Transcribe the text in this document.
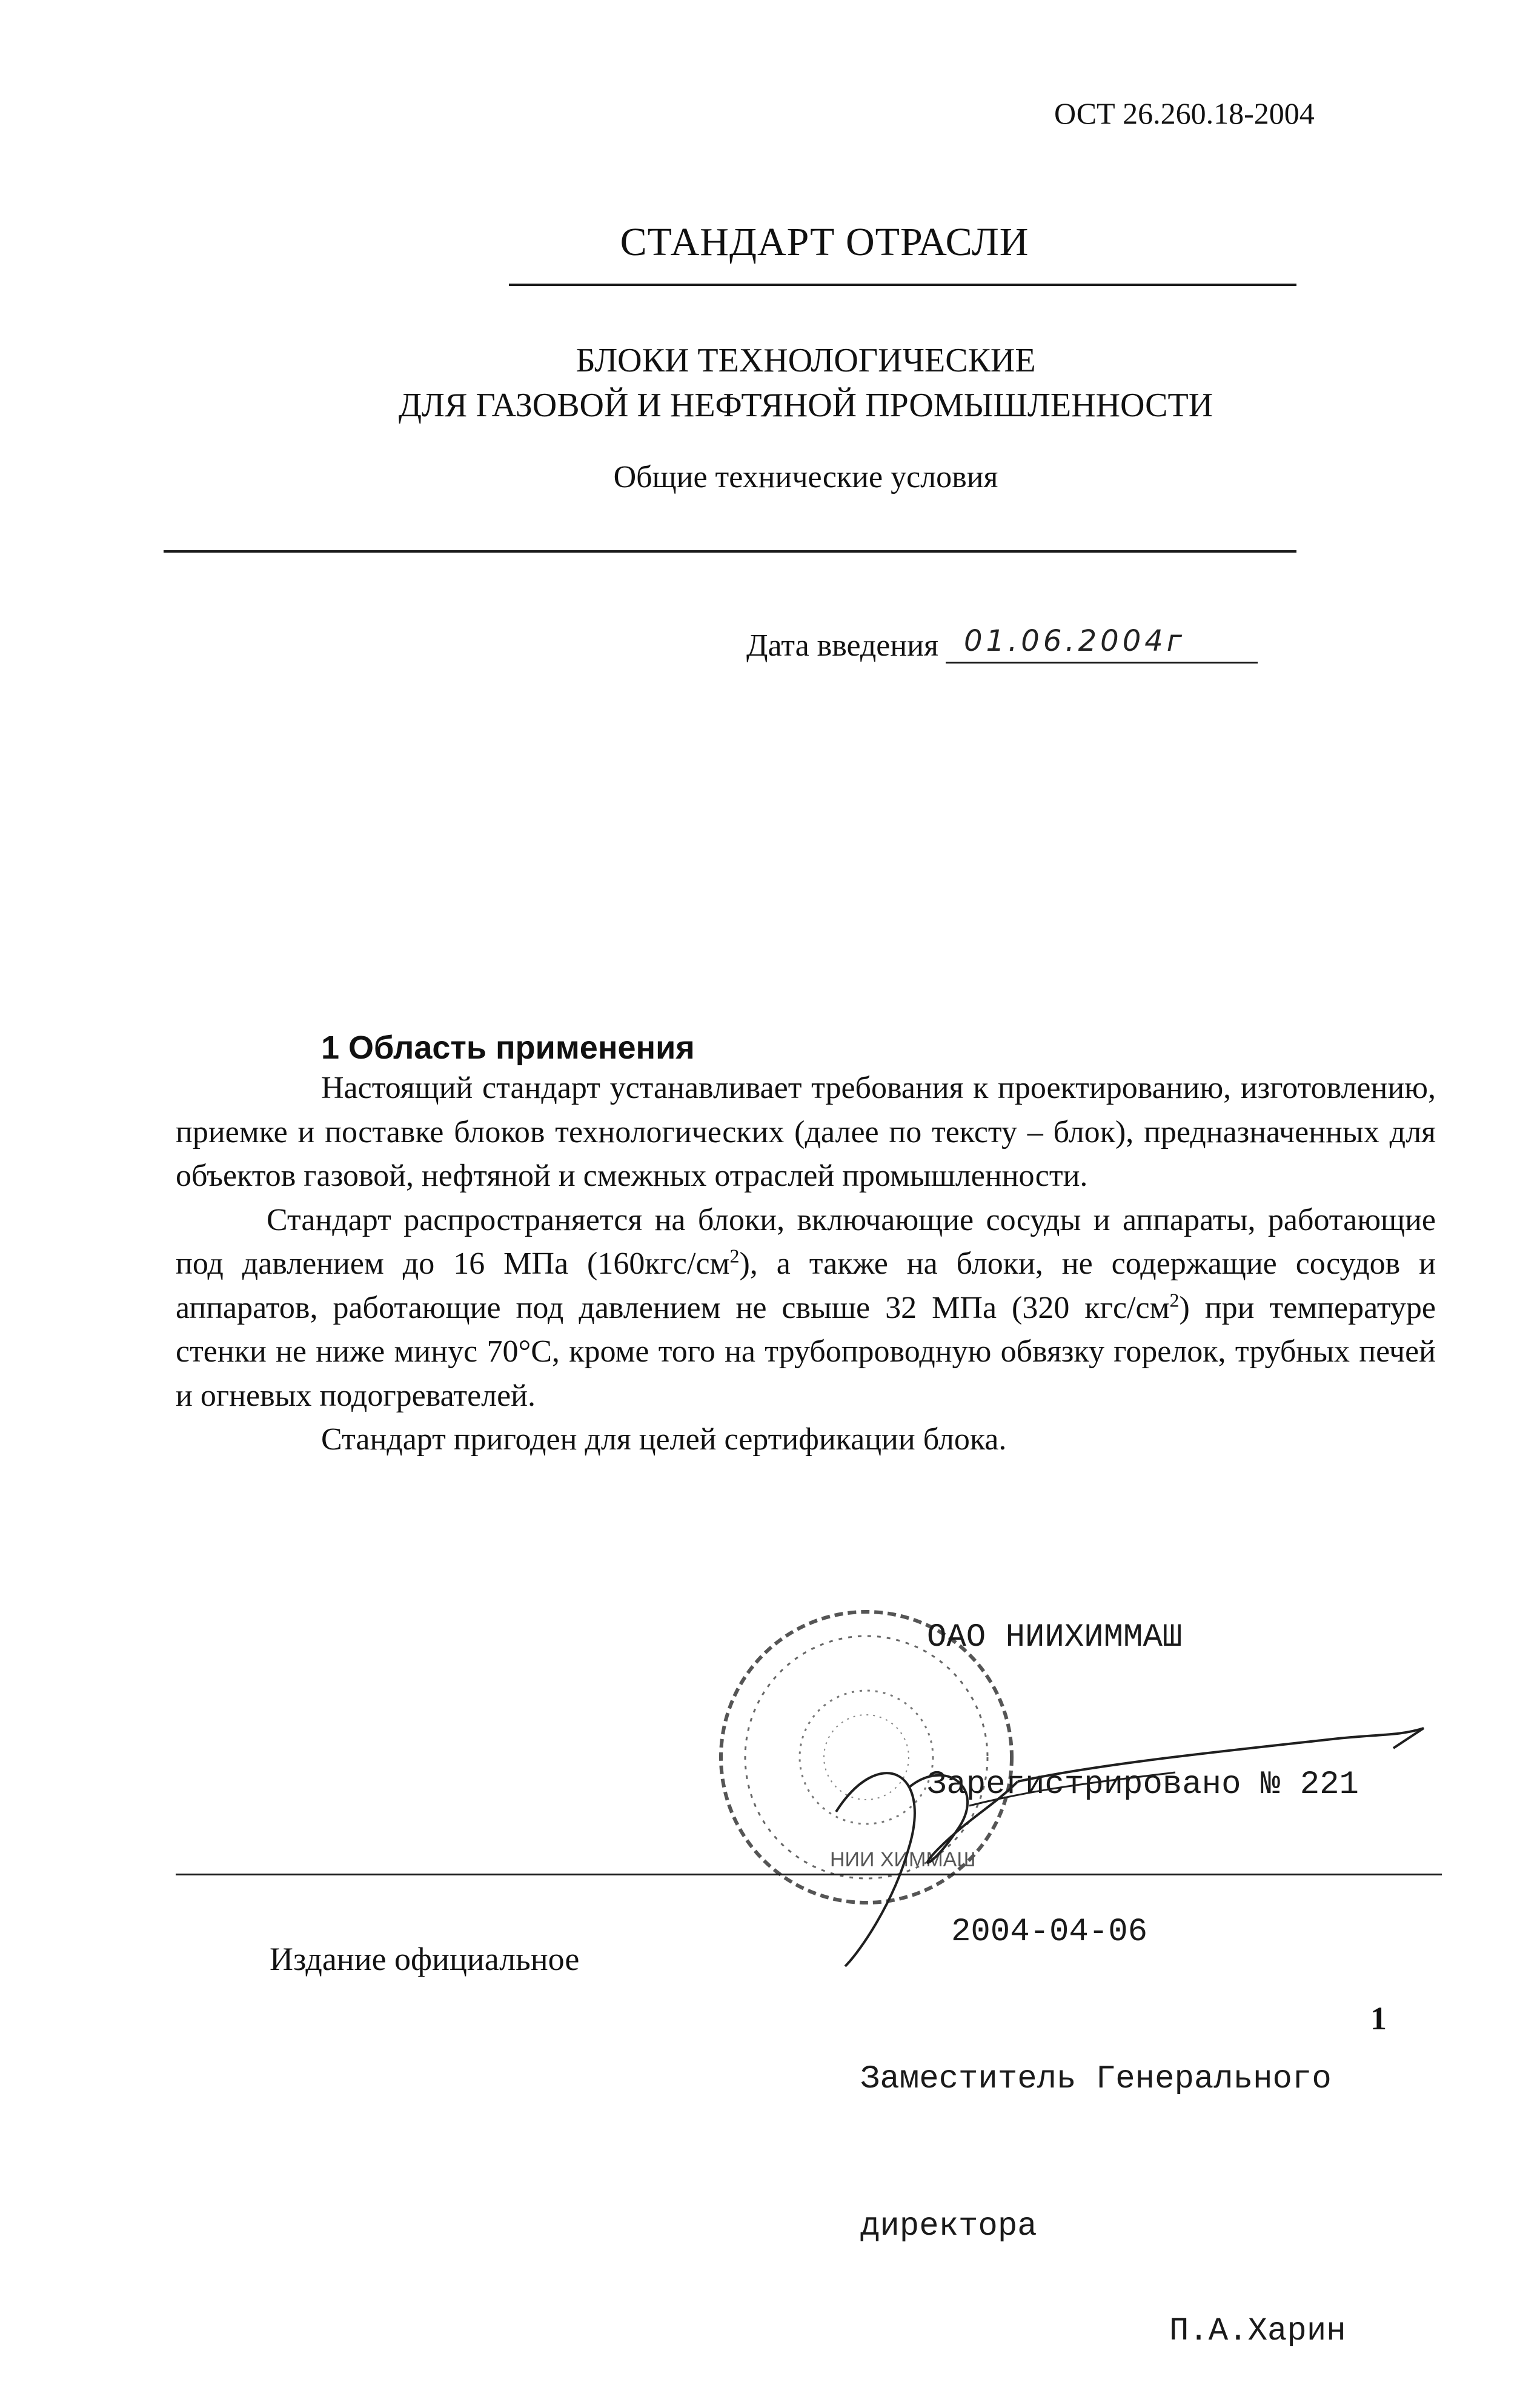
ОСТ 26.260.18-2004
СТАНДАРТ ОТРАСЛИ
БЛОКИ ТЕХНОЛОГИЧЕСКИЕ
ДЛЯ ГАЗОВОЙ И НЕФТЯНОЙ ПРОМЫШЛЕННОСТИ
Общие технические условия
Дата введения 01.06.2004г
1 Область применения

Настоящий стандарт устанавливает требования к проектированию, изготовлению, приемке и поставке блоков технологических (далее по тексту – блок), предназначенных для объектов газовой, нефтяной и смежных отраслей промышленности.

Стандарт распространяется на блоки, включающие сосуды и аппараты, работающие под давлением до 16 МПа $(160кгс/см^2)$, а также на блоки, не содержащие сосудов и аппаратов, работающие под давлением не свыше 32 МПа (320 кгс/$см^2$) при температуре стенки не ниже минус 70°С, кроме того на трубопроводную обвязку горелок, трубных печей и огневых подогревателей.

Стандарт пригоден для целей сертификации блока.

НИИ ХИММАШ

ОАО НИИХИММАШ

Зарегистрировано № 221

2004-04-06

Заместитель Генерального

директора

П.А.Харин

Издание официальное
1
